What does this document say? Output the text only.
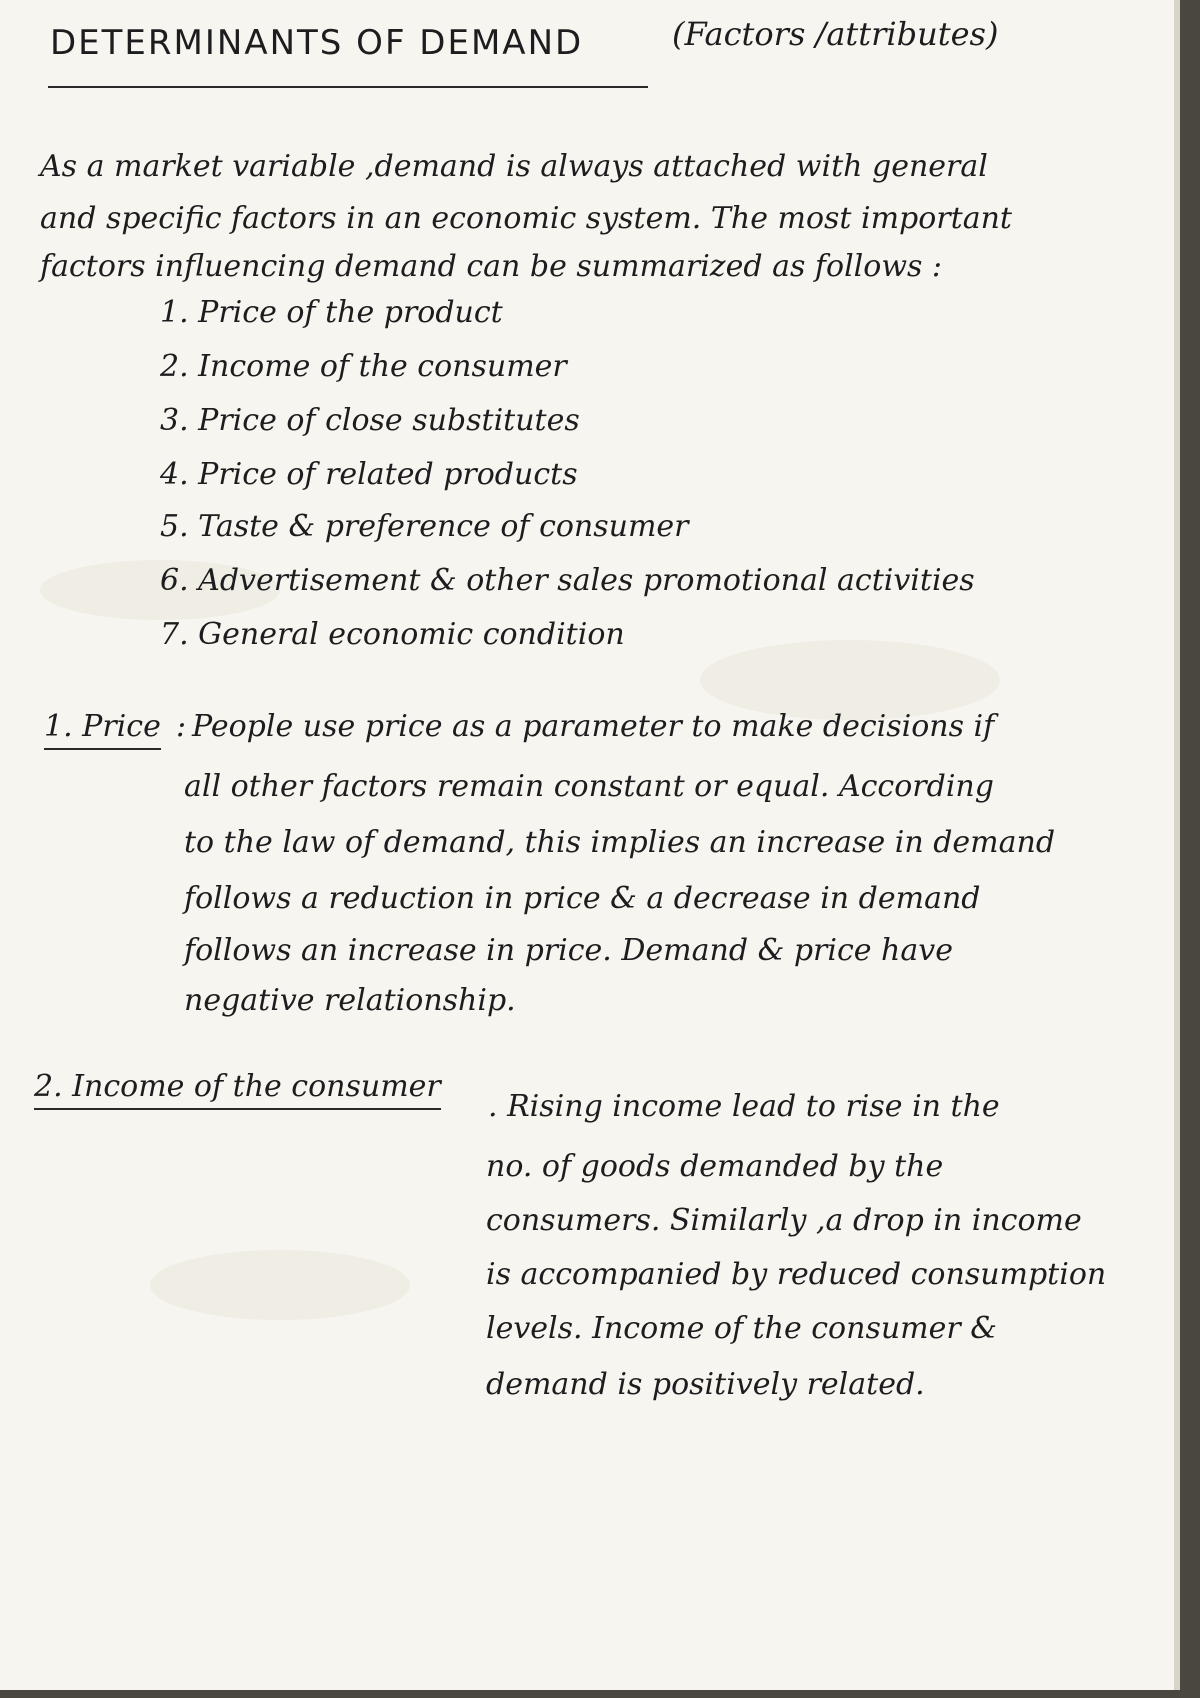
DETERMINANTS OF DEMAND	(Factors /attributes)
As a market variable ,demand is always attached with general
and specific factors in an economic system. The most important
factors influencing demand can be summarized as follows :
1. Price of the product
2. Income of the consumer
3. Price of close substitutes
4. Price of related products
5. Taste & preference of consumer
6. Advertisement & other sales promotional activities
7. General economic condition
1. Price : People use price as a parameter to make decisions if
all other factors remain constant or equal. According
to the law of demand, this implies an increase in demand
follows a reduction in price & a decrease in demand
follows an increase in price. Demand & price have
negative relationship.
2. Income of the consumer
. Rising income lead to rise in the
no. of goods demanded by the
consumers. Similarly ,a drop in income
is accompanied by reduced consumption
levels. Income of the consumer &
demand is positively related.
